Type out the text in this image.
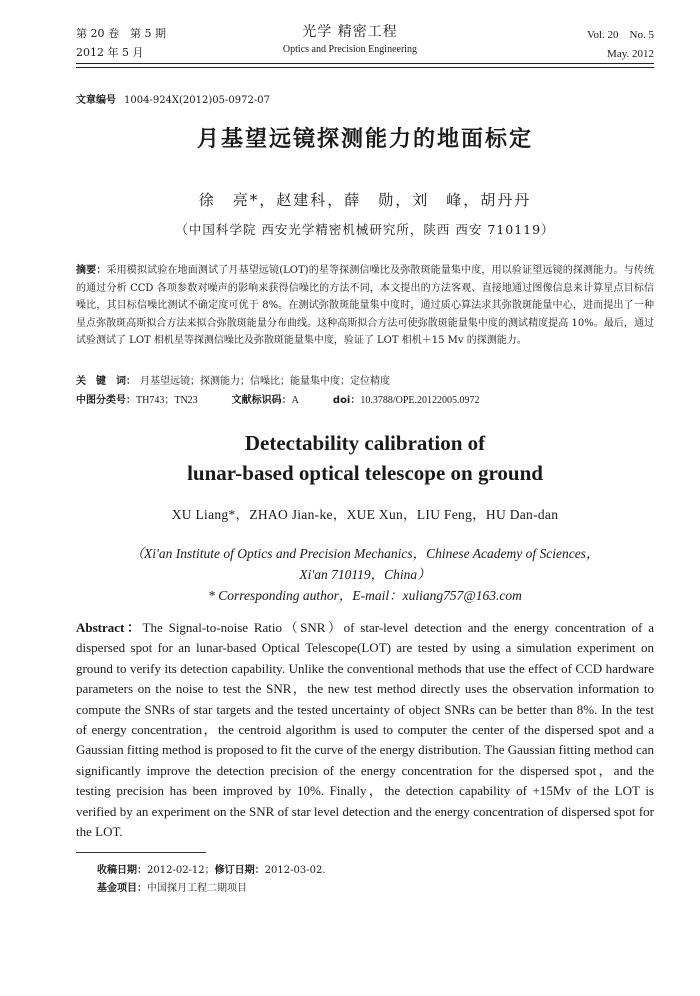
第 20 卷　第 5 期
2012 年 5 月
光学 精密工程
Optics and Precision Engineering
Vol. 20　No. 5
May. 2012
文章编号 1004-924X(2012)05-0972-07
月基望远镜探测能力的地面标定
徐　亮*，赵建科，薛　勋，刘　峰，胡丹丹
（中国科学院 西安光学精密机械研究所，陕西 西安 710119）
摘要：采用模拟试验在地面测试了月基望远镜(LOT)的星等探测信噪比及弥散斑能量集中度，用以验证望远镜的探测能力。与传统的通过分析 CCD 各项参数对噪声的影响来获得信噪比的方法不同，本文提出的方法客观、直接地通过图像信息来计算星点目标信噪比，其目标信噪比测试不确定度可优于 8%。在测试弥散斑能量集中度时，通过质心算法求其弥散斑能量中心，进而提出了一种星点弥散斑高斯拟合方法来拟合弥散斑能量分布曲线。这种高斯拟合方法可使弥散斑能量集中度的测试精度提高 10%。最后，通过试验测试了 LOT 相机星等探测信噪比及弥散斑能量集中度，验证了 LOT 相机＋15 Mv 的探测能力。
关　键　词： 月基望远镜；探测能力；信噪比；能量集中度；定位精度
中图分类号：TH743；TN23	文献标识码：A	doi：10.3788/OPE.20122005.0972
Detectability calibration of
lunar-based optical telescope on ground
XU Liang*，ZHAO Jian-ke，XUE Xun，LIU Feng，HU Dan-dan
（Xi'an Institute of Optics and Precision Mechanics，Chinese Academy of Sciences，
Xi'an 710119，China）
* Corresponding author，E-mail：xuliang757@163.com
Abstract：The Signal-to-noise Ratio（SNR）of star-level detection and the energy concentration of a dispersed spot for an lunar-based Optical Telescope(LOT) are tested by using a simulation experiment on ground to verify its detection capability. Unlike the conventional methods that use the effect of CCD hardware parameters on the noise to test the SNR，the new test method directly uses the observation information to compute the SNRs of star targets and the tested uncertainty of object SNRs can be better than 8%. In the test of energy concentration，the centroid algorithm is used to computer the center of the dispersed spot and a Gaussian fitting method is proposed to fit the curve of the energy distribution. The Gaussian fitting method can significantly improve the detection precision of the energy concentration for the dispersed spot，and the testing precision has been improved by 10%. Finally，the detection capability of +15Mv of the LOT is verified by an experiment on the SNR of star level detection and the energy concentration of dispersed spot for the LOT.
收稿日期：2012-02-12；修订日期：2012-03-02.
基金项目：中国探月工程二期项目
